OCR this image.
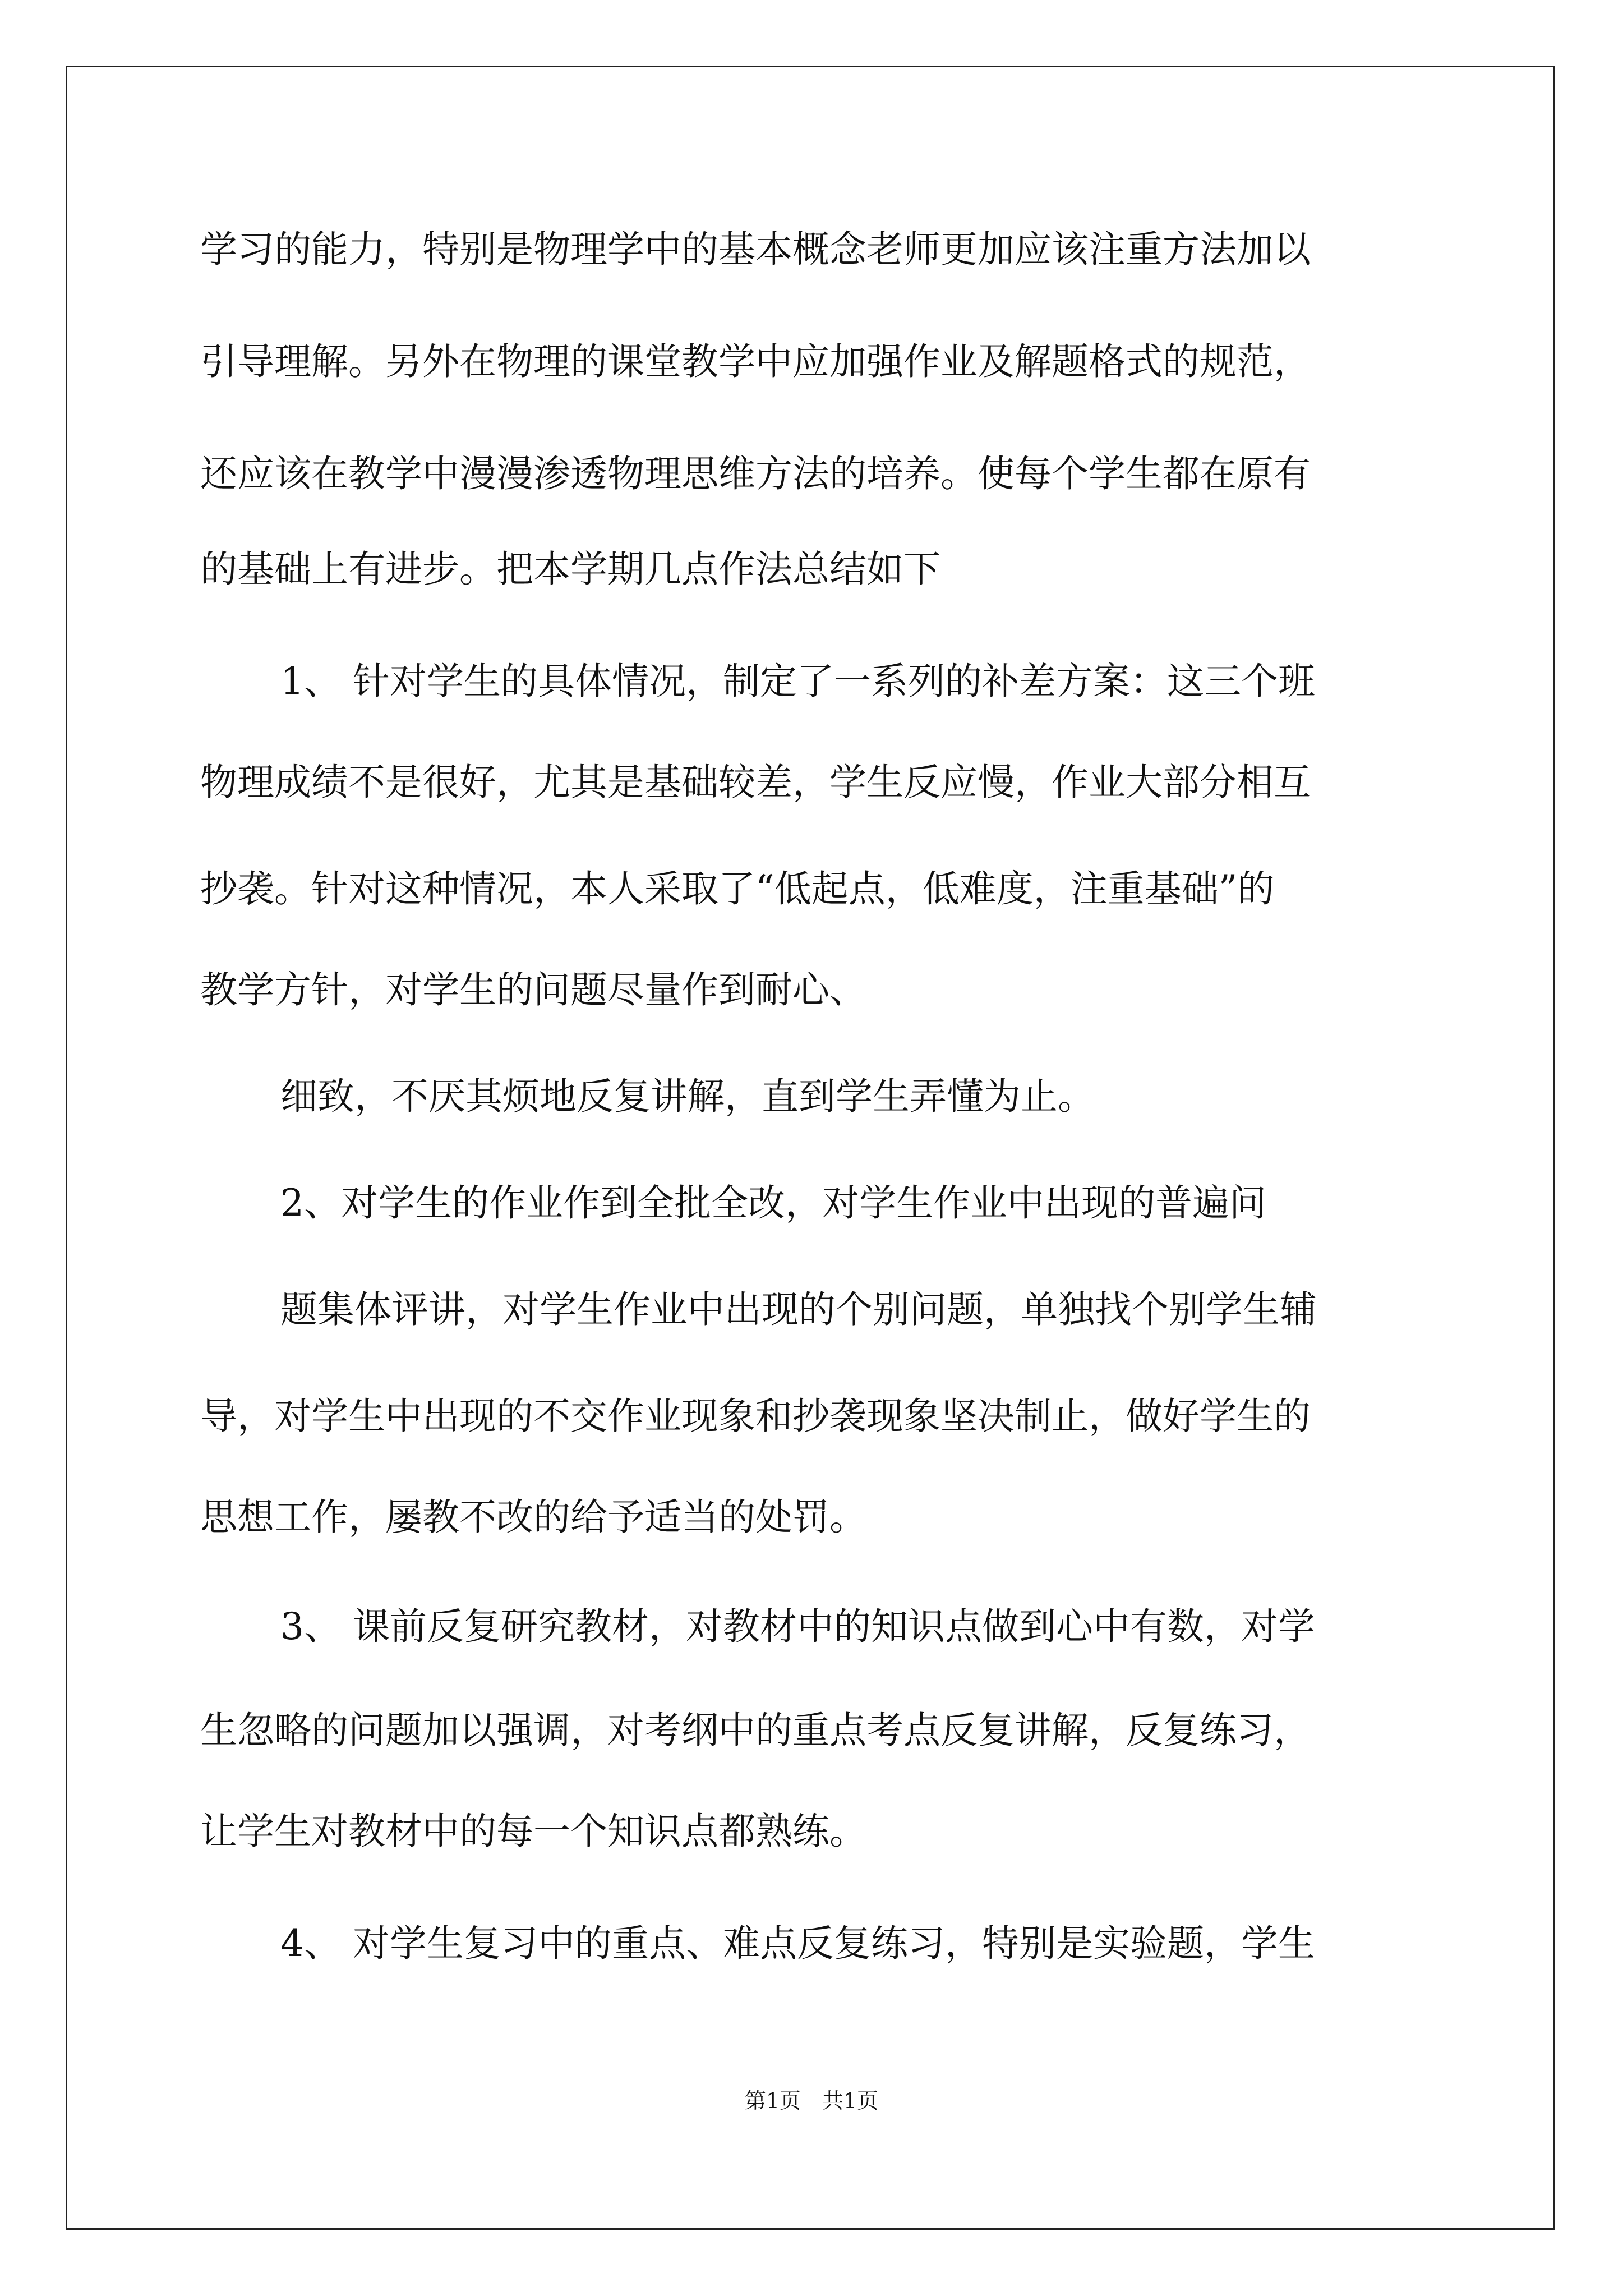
学习的能力，特别是物理学中的基本概念老师更加应该注重方法加以
引导理解。另外在物理的课堂教学中应加强作业及解题格式的规范，
还应该在教学中漫漫渗透物理思维方法的培养。使每个学生都在原有
的基础上有进步。把本学期几点作法总结如下
1、 针对学生的具体情况，制定了一系列的补差方案：这三个班
物理成绩不是很好，尤其是基础较差，学生反应慢，作业大部分相互
抄袭。针对这种情况，本人采取了“低起点，低难度，注重基础”的
教学方针，对学生的问题尽量作到耐心、
细致，不厌其烦地反复讲解，直到学生弄懂为止。
2、对学生的作业作到全批全改，对学生作业中出现的普遍问
题集体评讲，对学生作业中出现的个别问题，单独找个别学生辅
导，对学生中出现的不交作业现象和抄袭现象坚决制止，做好学生的
思想工作，屡教不改的给予适当的处罚。
3、 课前反复研究教材，对教材中的知识点做到心中有数，对学
生忽略的问题加以强调，对考纲中的重点考点反复讲解，反复练习，
让学生对教材中的每一个知识点都熟练。
4、 对学生复习中的重点、难点反复练习，特别是实验题，学生
第1页　共1页
